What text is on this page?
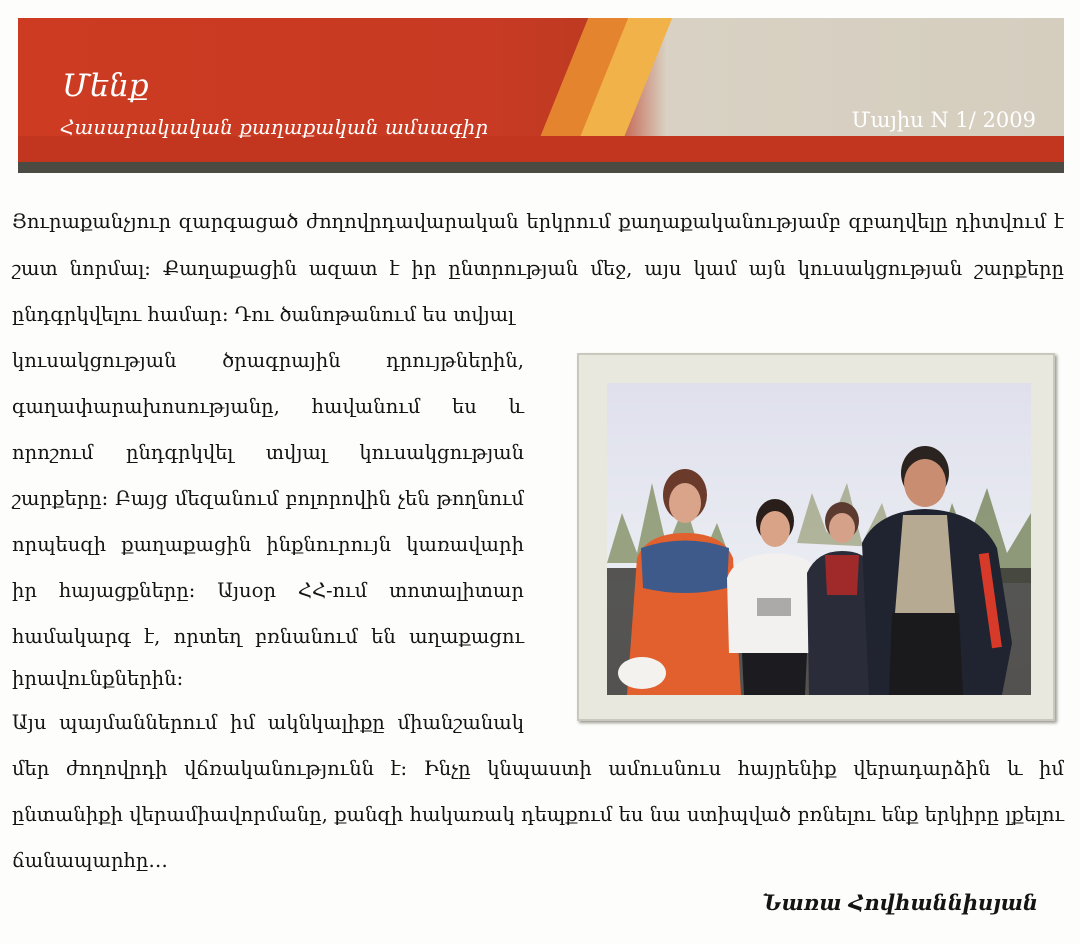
Մենք
Հասարակական քաղաքական ամսագիր	Մայիս N 1/ 2009
Յուրաքանչյուր զարգացած ժողովրդավարական երկրում քաղաքականությամբ զբաղվելը դիտվում է
շատ նորմալ: Քաղաքացին ազատ է իր ընտրության մեջ, այս կամ այն կուսակցության շարքերը
ընդգրկվելու համար: Դու ծանոթանում ես տվյալ
կուսակցության ծրագրային դրույթներին,
գաղափարախոսությանը, հավանում ես և
որոշում ընդգրկվել տվյալ կուսակցության
շարքերը: Բայց մեզանում բոլորովին չեն թողնում
որպեսզի քաղաքացին ինքնուրույն կառավարի
իր հայացքները: Այսօր ՀՀ-ում տոտալիտար
համակարգ է, որտեղ բռնանում են աղաքացու
իրավունքներին:
Այս պայմաններում իմ ակնկալիքը միանշանակ
մեր ժողովրդի վճռականությունն է: Ինչը կնպաստի ամուսնուս հայրենիք վերադարձին և իմ
ընտանիքի վերամիավորմանը, քանզի հակառակ դեպքում ես նա ստիպված բռնելու ենք երկիրը լքելու
ճանապարհը…
Նառա Հովհաննիսյան
